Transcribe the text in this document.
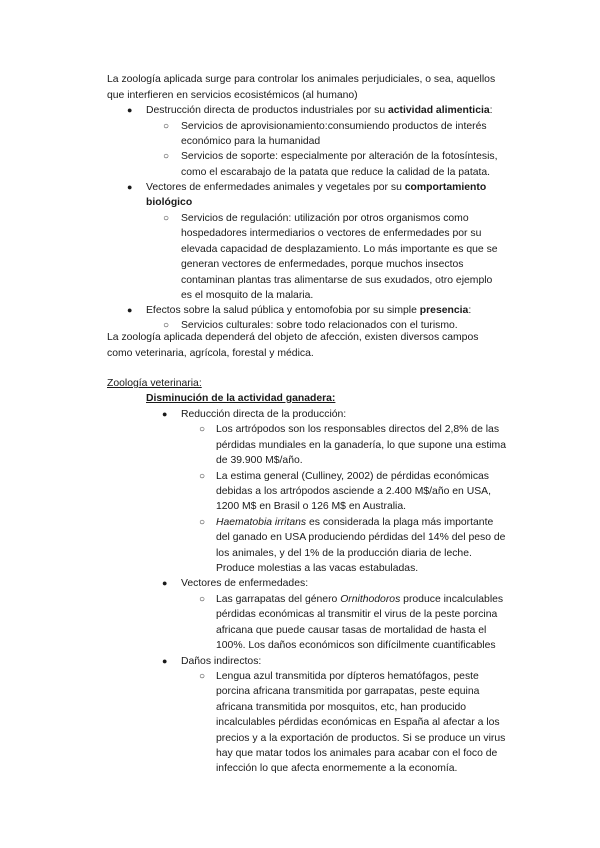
La zoología aplicada surge para controlar los animales perjudiciales, o sea, aquellos

que interfieren en servicios ecosistémicos (al humano)

● Destrucción directa de productos industriales por su actividad alimenticia:

○ Servicios de aprovisionamiento:consumiendo productos de interés

económico para la humanidad

○ Servicios de soporte: especialmente por alteración de la fotosíntesis,

como el escarabajo de la patata que reduce la calidad de la patata.

● Vectores de enfermedades animales y vegetales por su comportamiento

biológico

○ Servicios de regulación: utilización por otros organismos como

hospedadores intermediarios o vectores de enfermedades por su

elevada capacidad de desplazamiento. Lo más importante es que se

generan vectores de enfermedades, porque muchos insectos

contaminan plantas tras alimentarse de sus exudados, otro ejemplo

es el mosquito de la malaria.

● Efectos sobre la salud pública y entomofobia por su simple presencia:

○ Servicios culturales: sobre todo relacionados con el turismo.

La zoología aplicada dependerá del objeto de afección, existen diversos campos

como veterinaria, agrícola, forestal y médica.

Zoología veterinaria:

Disminución de la actividad ganadera:

● Reducción directa de la producción:

○ Los artrópodos son los responsables directos del 2,8% de las

pérdidas mundiales en la ganadería, lo que supone una estima

de 39.900 M$/año.

○ La estima general (Culliney, 2002) de pérdidas económicas

debidas a los artrópodos asciende a 2.400 M$/año en USA,

1200 M$ en Brasil o 126 M$ en Australia.

○ Haematobia irritans es considerada la plaga más importante

del ganado en USA produciendo pérdidas del 14% del peso de

los animales, y del 1% de la producción diaria de leche.

Produce molestias a las vacas estabuladas.

● Vectores de enfermedades:

○ Las garrapatas del género Ornithodoros produce incalculables

pérdidas económicas al transmitir el virus de la peste porcina

africana que puede causar tasas de mortalidad de hasta el

100%. Los daños económicos son difícilmente cuantificables

● Daños indirectos:

○ Lengua azul transmitida por dípteros hematófagos, peste

porcina africana transmitida por garrapatas, peste equina

africana transmitida por mosquitos, etc, han producido

incalculables pérdidas económicas en España al afectar a los

precios y a la exportación de productos. Si se produce un virus

hay que matar todos los animales para acabar con el foco de

infección lo que afecta enormemente a la economía.
